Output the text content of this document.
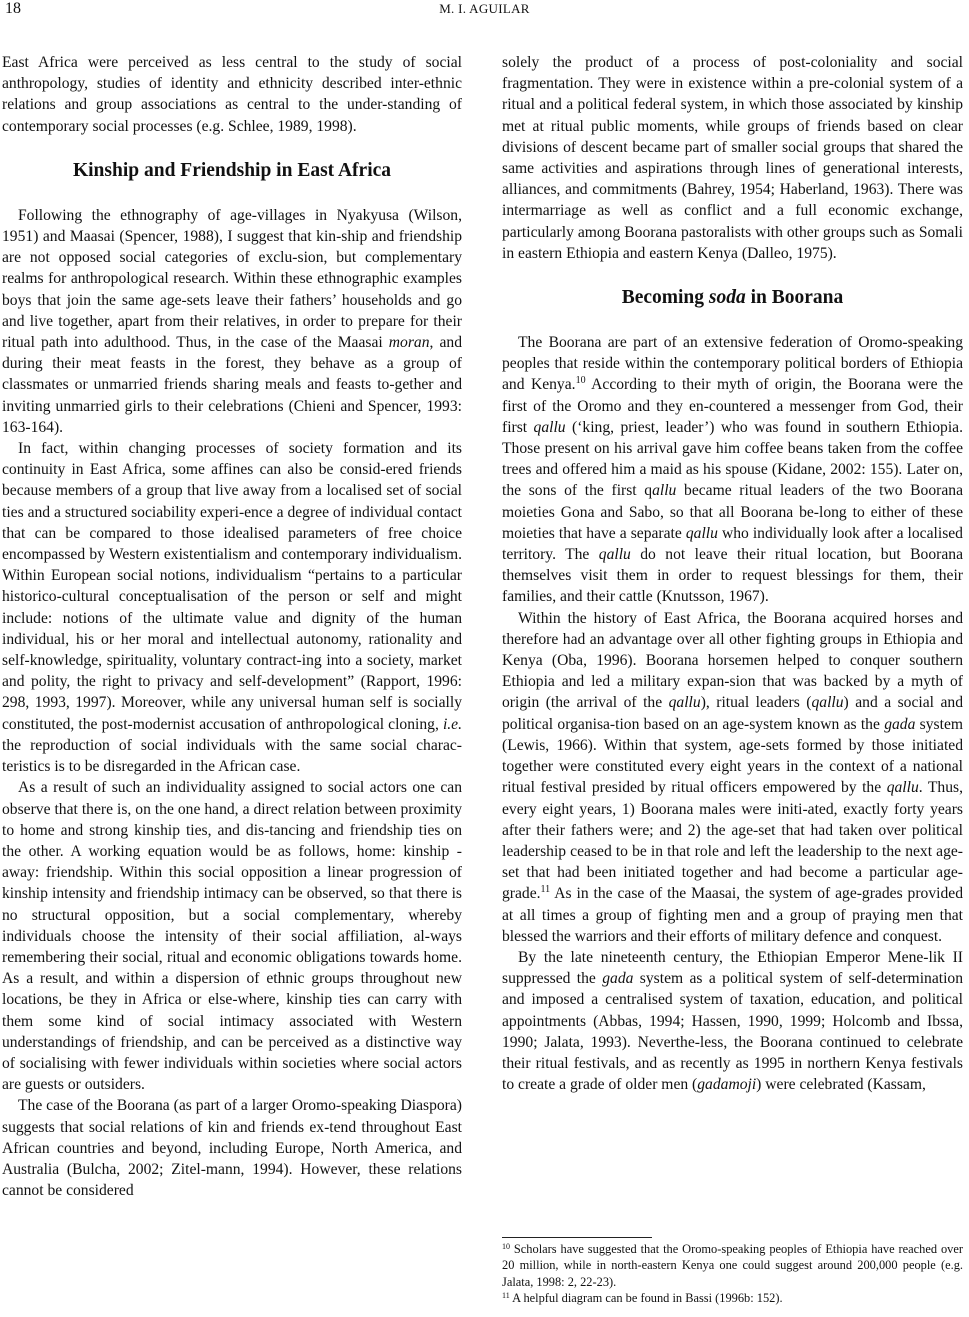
18	M. I. AGUILAR

East Africa were perceived as less central to the study of social anthropology, studies of identity and ethnicity described inter-ethnic relations and group associations as central to the under-standing of contemporary social processes (e.g. Schlee, 1989, 1998).

Kinship and Friendship in East Africa

Following the ethnography of age-villages in Nyakyusa (Wilson, 1951) and Maasai (Spencer, 1988), I suggest that kin-ship and friendship are not opposed social categories of exclu-sion, but complementary realms for anthropological research. Within these ethnographic examples boys that join the same age-sets leave their fathers’ households and go and live together, apart from their relatives, in order to prepare for their ritual path into adulthood. Thus, in the case of the Maasai moran, and during their meat feasts in the forest, they behave as a group of classmates or unmarried friends sharing meals and feasts to-gether and inviting unmarried girls to their celebrations (Chieni and Spencer, 1993: 163-164).

In fact, within changing processes of society formation and its continuity in East Africa, some affines can also be consid-ered friends because members of a group that live away from a localised set of social ties and a structured sociability experi-ence a degree of individual contact that can be compared to those idealised parameters of free choice encompassed by Western existentialism and contemporary individualism. Within European social notions, individualism “pertains to a particular historico-cultural conceptualisation of the person or self and might include: notions of the ultimate value and dignity of the human individual, his or her moral and intellectual autonomy, rationality and self-knowledge, spirituality, voluntary contract-ing into a society, market and polity, the right to privacy and self-development” (Rapport, 1996: 298, 1993, 1997). Moreover, while any universal human self is socially constituted, the post-modernist accusation of anthropological cloning, i.e. the reproduction of social individuals with the same social charac-teristics is to be disregarded in the African case.

As a result of such an individuality assigned to social actors one can observe that there is, on the one hand, a direct relation between proximity to home and strong kinship ties, and dis-tancing and friendship ties on the other. A working equation would be as follows, home: kinship - away: friendship. Within this social opposition a linear progression of kinship intensity and friendship intimacy can be observed, so that there is no structural opposition, but a social complementary, whereby individuals choose the intensity of their social affiliation, al-ways remembering their social, ritual and economic obligations towards home. As a result, and within a dispersion of ethnic groups throughout new locations, be they in Africa or else-where, kinship ties can carry with them some kind of social intimacy associated with Western understandings of friendship, and can be perceived as a distinctive way of socialising with fewer individuals within societies where social actors are guests or outsiders.

The case of the Boorana (as part of a larger Oromo-speaking Diaspora) suggests that social relations of kin and friends ex-tend throughout East African countries and beyond, including Europe, North America, and Australia (Bulcha, 2002; Zitel-mann, 1994). However, these relations cannot be considered

solely the product of a process of post-coloniality and social fragmentation. They were in existence within a pre-colonial system of a ritual and a political federal system, in which those associated by kinship met at ritual public moments, while groups of friends based on clear divisions of descent became part of smaller social groups that shared the same activities and aspirations through lines of generational interests, alliances, and commitments (Bahrey, 1954; Haberland, 1963). There was intermarriage as well as conflict and a full economic exchange, particularly among Boorana pastoralists with other groups such as Somali in eastern Ethiopia and eastern Kenya (Dalleo, 1975).

Becoming soda in Boorana

The Boorana are part of an extensive federation of Oromo-speaking peoples that reside within the contemporary political borders of Ethiopia and Kenya.$^{10}$ According to their myth of origin, the Boorana were the first of the Oromo and they en-countered a messenger from God, their first qallu (‘king, priest, leader’) who was found in southern Ethiopia. Those present on his arrival gave him coffee beans taken from the coffee trees and offered him a maid as his spouse (Kidane, 2002: 155). Later on, the sons of the first qallu became ritual leaders of the two Boorana moieties Gona and Sabo, so that all Boorana be-long to either of these moieties that have a separate qallu who individually look after a localised territory. The qallu do not leave their ritual location, but Boorana themselves visit them in order to request blessings for them, their families, and their cattle (Knutsson, 1967).

Within the history of East Africa, the Boorana acquired horses and therefore had an advantage over all other fighting groups in Ethiopia and Kenya (Oba, 1996). Boorana horsemen helped to conquer southern Ethiopia and led a military expan-sion that was backed by a myth of origin (the arrival of the qallu), ritual leaders (qallu) and a social and political organisa-tion based on an age-system known as the gada system (Lewis, 1966). Within that system, age-sets formed by those initiated together were constituted every eight years in the context of a national ritual festival presided by ritual officers empowered by the qallu. Thus, every eight years, 1) Boorana males were initi-ated, exactly forty years after their fathers were; and 2) the age-set that had taken over political leadership ceased to be in that role and left the leadership to the next age-set that had been initiated together and had become a particular age-grade.$^{11}$ As in the case of the Maasai, the system of age-grades provided at all times a group of fighting men and a group of praying men that blessed the warriors and their efforts of military defence and conquest.

By the late nineteenth century, the Ethiopian Emperor Mene-lik II suppressed the gada system as a political system of self-determination and imposed a centralised system of taxation, education, and political appointments (Abbas, 1994; Hassen, 1990, 1999; Holcomb and Ibssa, 1990; Jalata, 1993). Neverthe-less, the Boorana continued to celebrate their ritual festivals, and as recently as 1995 in northern Kenya festivals to create a grade of older men (gadamoji) were celebrated (Kassam,

$^{10}$ Scholars have suggested that the Oromo-speaking peoples of Ethiopia have reached over 20 million, while in north-eastern Kenya one could suggest around 200,000 people (e.g. Jalata, 1998: 2, 22-23).

$^{11}$ A helpful diagram can be found in Bassi (1996b: 152).
